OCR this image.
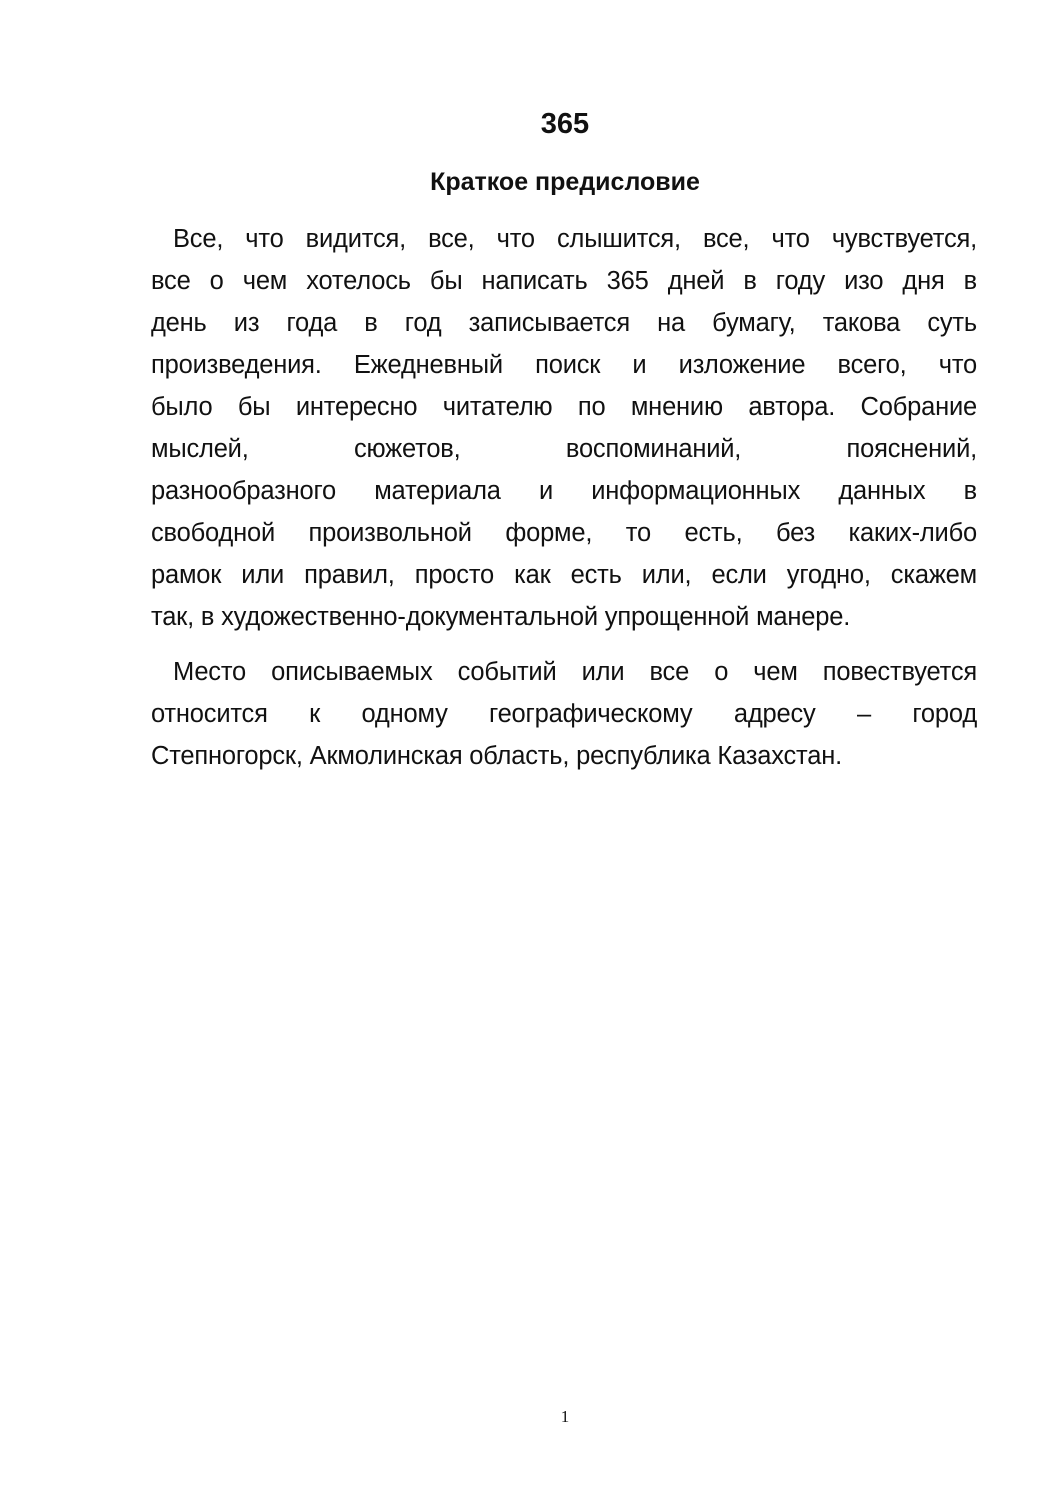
365
Краткое предисловие
Все, что видится, все, что слышится, все, что чувствуется,
все о чем хотелось бы написать 365 дней в году изо дня в
день из года в год записывается на бумагу, такова суть
произведения. Ежедневный поиск и изложение всего, что
было бы интересно читателю по мнению автора. Собрание
мыслей, сюжетов, воспоминаний, пояснений,
разнообразного материала и информационных данных в
свободной произвольной форме, то есть, без каких-либо
рамок или правил, просто как есть или, если угодно, скажем
так, в художественно-документальной упрощенной манере.
Место описываемых событий или все о чем повествуется
относится к одному географическому адресу – город
Степногорск, Акмолинская область, республика Казахстан.
1
